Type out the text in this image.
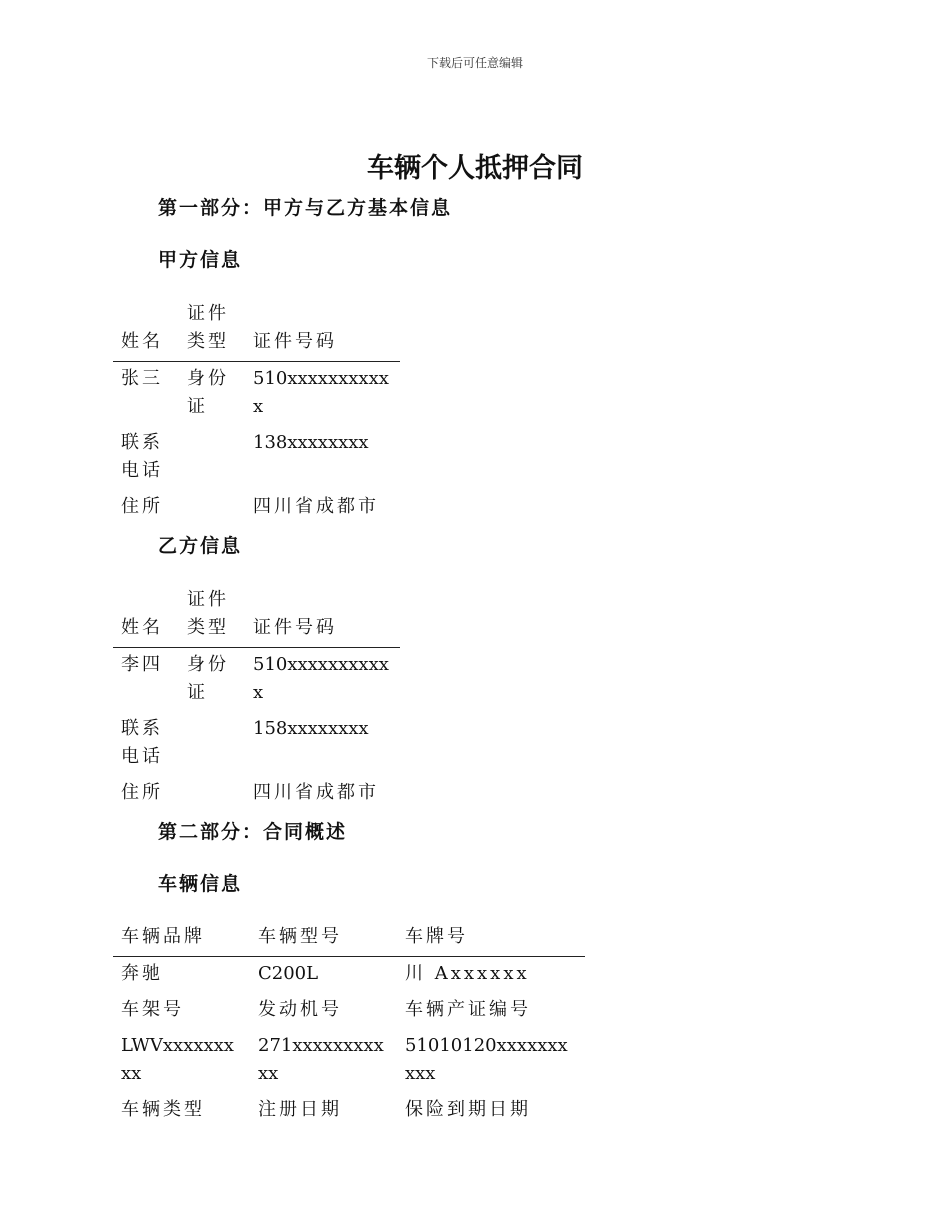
下载后可任意编辑
车辆个人抵押合同
第一部分：甲方与乙方基本信息
甲方信息
姓名	证件类型	证件号码
张三	身份证	510xxxxxxxxxxx
联系电话		138xxxxxxxx
住所		四川省成都市
乙方信息
姓名	证件类型	证件号码
李四	身份证	510xxxxxxxxxxx
联系电话		158xxxxxxxx
住所		四川省成都市
第二部分：合同概述
车辆信息
车辆品牌	车辆型号	车牌号
奔驰	C200L	川 Axxxxxx
车架号	发动机号	车辆产证编号
LWVxxxxxxxxx	271xxxxxxxxxxx	51010120xxxxxxxxxx
车辆类型	注册日期	保险到期日期
